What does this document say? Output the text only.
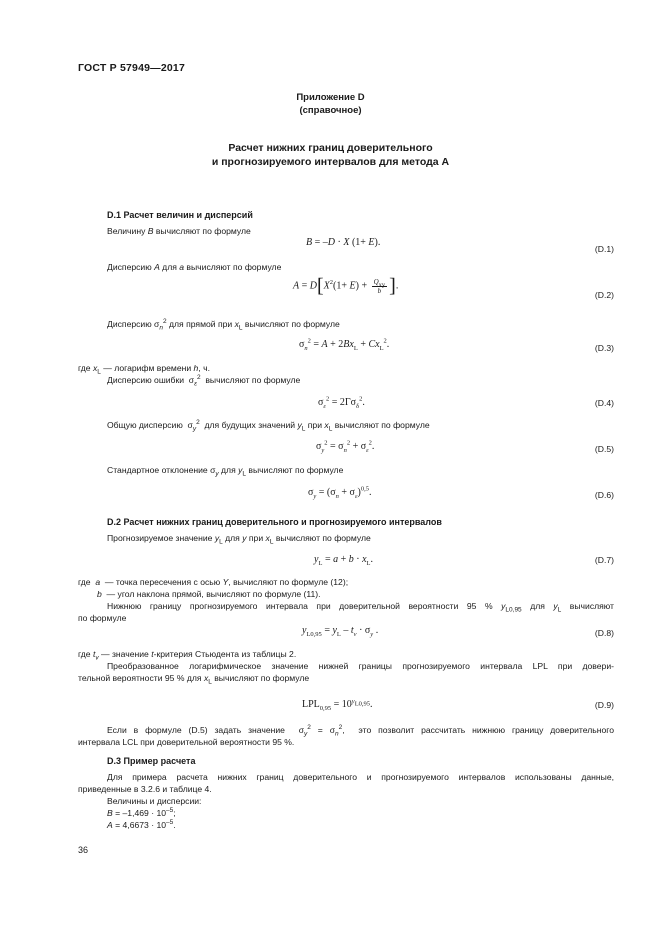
ГОСТ Р 57949—2017
Приложение D
(справочное)
Расчет нижних границ доверительного
и прогнозируемого интервалов для метода А
D.1 Расчет величин и дисперсий
Величину B вычисляют по формуле
B = –D · X (1+ E).
(D.1)
Дисперсию A для a вычисляют по формуле
$A = D[X^2(1+ E) + \frac{Q_{xy}}{b}$ ].
(D.2)
Дисперсию $\sigma_n^2$ для прямой при $x_L$ вычисляют по формуле
$\sigma_n^2 = A + 2Bx_L + Cx_L^2$.	(D.3)
где $x_L$ — логарифм времени h, ч.
Дисперсию ошибки  $\sigma_\varepsilon^2$  вычисляют по формуле
$\sigma_\varepsilon^2 = 2\Gamma\sigma_\delta^2$.	(D.4)
Общую дисперсию  $\sigma_y^2$  для будущих значений $y_L$ при $x_L$ вычисляют по формуле
$\sigma_y^2 = \sigma_n^2 + \sigma_\varepsilon^2$.	(D.5)
Стандартное отклонение $\sigma_y$ для $y_L$ вычисляют по формуле
$\sigma_y = (\sigma_n + \sigma_\varepsilon)^{0,5}$.	(D.6)
D.2 Расчет нижних границ доверительного и прогнозируемого интервалов
Прогнозируемое значение $y_L$ для y при $x_L$ вычисляют по формуле
$y_L = a + b \cdot x_L$.	(D.7)
где  a  — точка пересечения с осью Y, вычисляют по формуле (12);
b  — угол наклона прямой, вычисляют по формуле (11).
Нижнюю границу прогнозируемого интервала при доверительной вероятности 95 % $y_{L0,95}$ для $y_L$ вычисляют
по формуле
$y_{L0,95} = y_L - t_v \cdot \sigma_y$ .	(D.8)
где $t_v$ — значение t-критерия Стьюдента из таблицы 2.
Преобразованное логарифмическое значение нижней границы прогнозируемого интервала LPL при довери-
тельной вероятности 95 % для $x_L$ вычисляют по формуле
$LPL_{0,95} = 10^{y_{L0,95}}$.	(D.9)
Если в формуле (D.5) задать значение  $\sigma_y^2 = \sigma_n^2$,  это позволит рассчитать нижнюю границу доверительного
интервала LCL при доверительной вероятности 95 %.
D.3 Пример расчета
Для примера расчета нижних границ доверительного и прогнозируемого интервалов использованы данные,
приведенные в 3.2.6 и таблице 4.
Величины и дисперсии:
$B = -1,469 \cdot 10^{-5}$;
$A = 4,6673 \cdot 10^{-5}$.
36
